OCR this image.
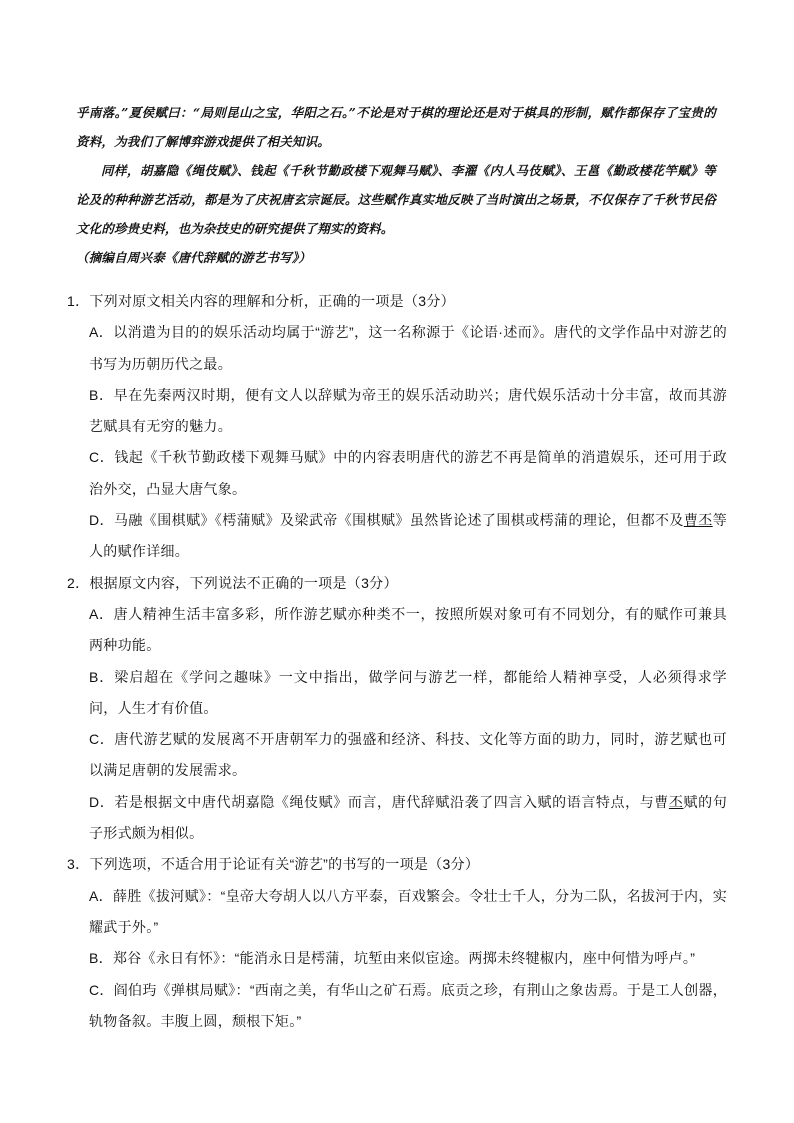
乎南落。”夏侯赋曰：“局则昆山之宝，华阳之石。”不论是对于棋的理论还是对于棋具的形制，赋作都保存了宝贵的资料，为我们了解博弈游戏提供了相关知识。

同样，胡嘉隐《绳伎赋》、钱起《千秋节勤政楼下观舞马赋》、李濯《内人马伎赋》、王邕《勤政楼花竿赋》等论及的种种游艺活动，都是为了庆祝唐玄宗诞辰。这些赋作真实地反映了当时演出之场景，不仅保存了千秋节民俗文化的珍贵史料，也为杂技史的研究提供了翔实的资料。

（摘编自周兴泰《唐代辞赋的游艺书写》）

1．下列对原文相关内容的理解和分析，正确的一项是（3分）

A．以消遣为目的的娱乐活动均属于“游艺”，这一名称源于《论语·述而》。唐代的文学作品中对游艺的书写为历朝历代之最。

B．早在先秦两汉时期，便有文人以辞赋为帝王的娱乐活动助兴；唐代娱乐活动十分丰富，故而其游艺赋具有无穷的魅力。

C．钱起《千秋节勤政楼下观舞马赋》中的内容表明唐代的游艺不再是简单的消遣娱乐，还可用于政治外交，凸显大唐气象。

D．马融《围棋赋》《樗蒲赋》及梁武帝《围棋赋》虽然皆论述了围棋或樗蒲的理论，但都不及曹丕等人的赋作详细。

2．根据原文内容，下列说法不正确的一项是（3分）

A．唐人精神生活丰富多彩，所作游艺赋亦种类不一，按照所娱对象可有不同划分，有的赋作可兼具两种功能。

B．梁启超在《学问之趣味》一文中指出，做学问与游艺一样，都能给人精神享受，人必须得求学问，人生才有价值。

C．唐代游艺赋的发展离不开唐朝军力的强盛和经济、科技、文化等方面的助力，同时，游艺赋也可以满足唐朝的发展需求。

D．若是根据文中唐代胡嘉隐《绳伎赋》而言，唐代辞赋沿袭了四言入赋的语言特点，与曹丕赋的句子形式颇为相似。

3．下列选项，不适合用于论证有关“游艺”的书写的一项是（3分）

A．薛胜《拔河赋》：“皇帝大夸胡人以八方平泰，百戏繁会。令壮士千人，分为二队，名拔河于内，实耀武于外。”

B．郑谷《永日有怀》：“能消永日是樗蒲，坑堑由来似宦途。两掷未终犍椒内，座中何惜为呼卢。”

C．阎伯玙《弹棋局赋》：“西南之美，有华山之矿石焉。底贡之珍，有荆山之象齿焉。于是工人创器，轨物备叙。丰腹上圆，颓根下矩。”
